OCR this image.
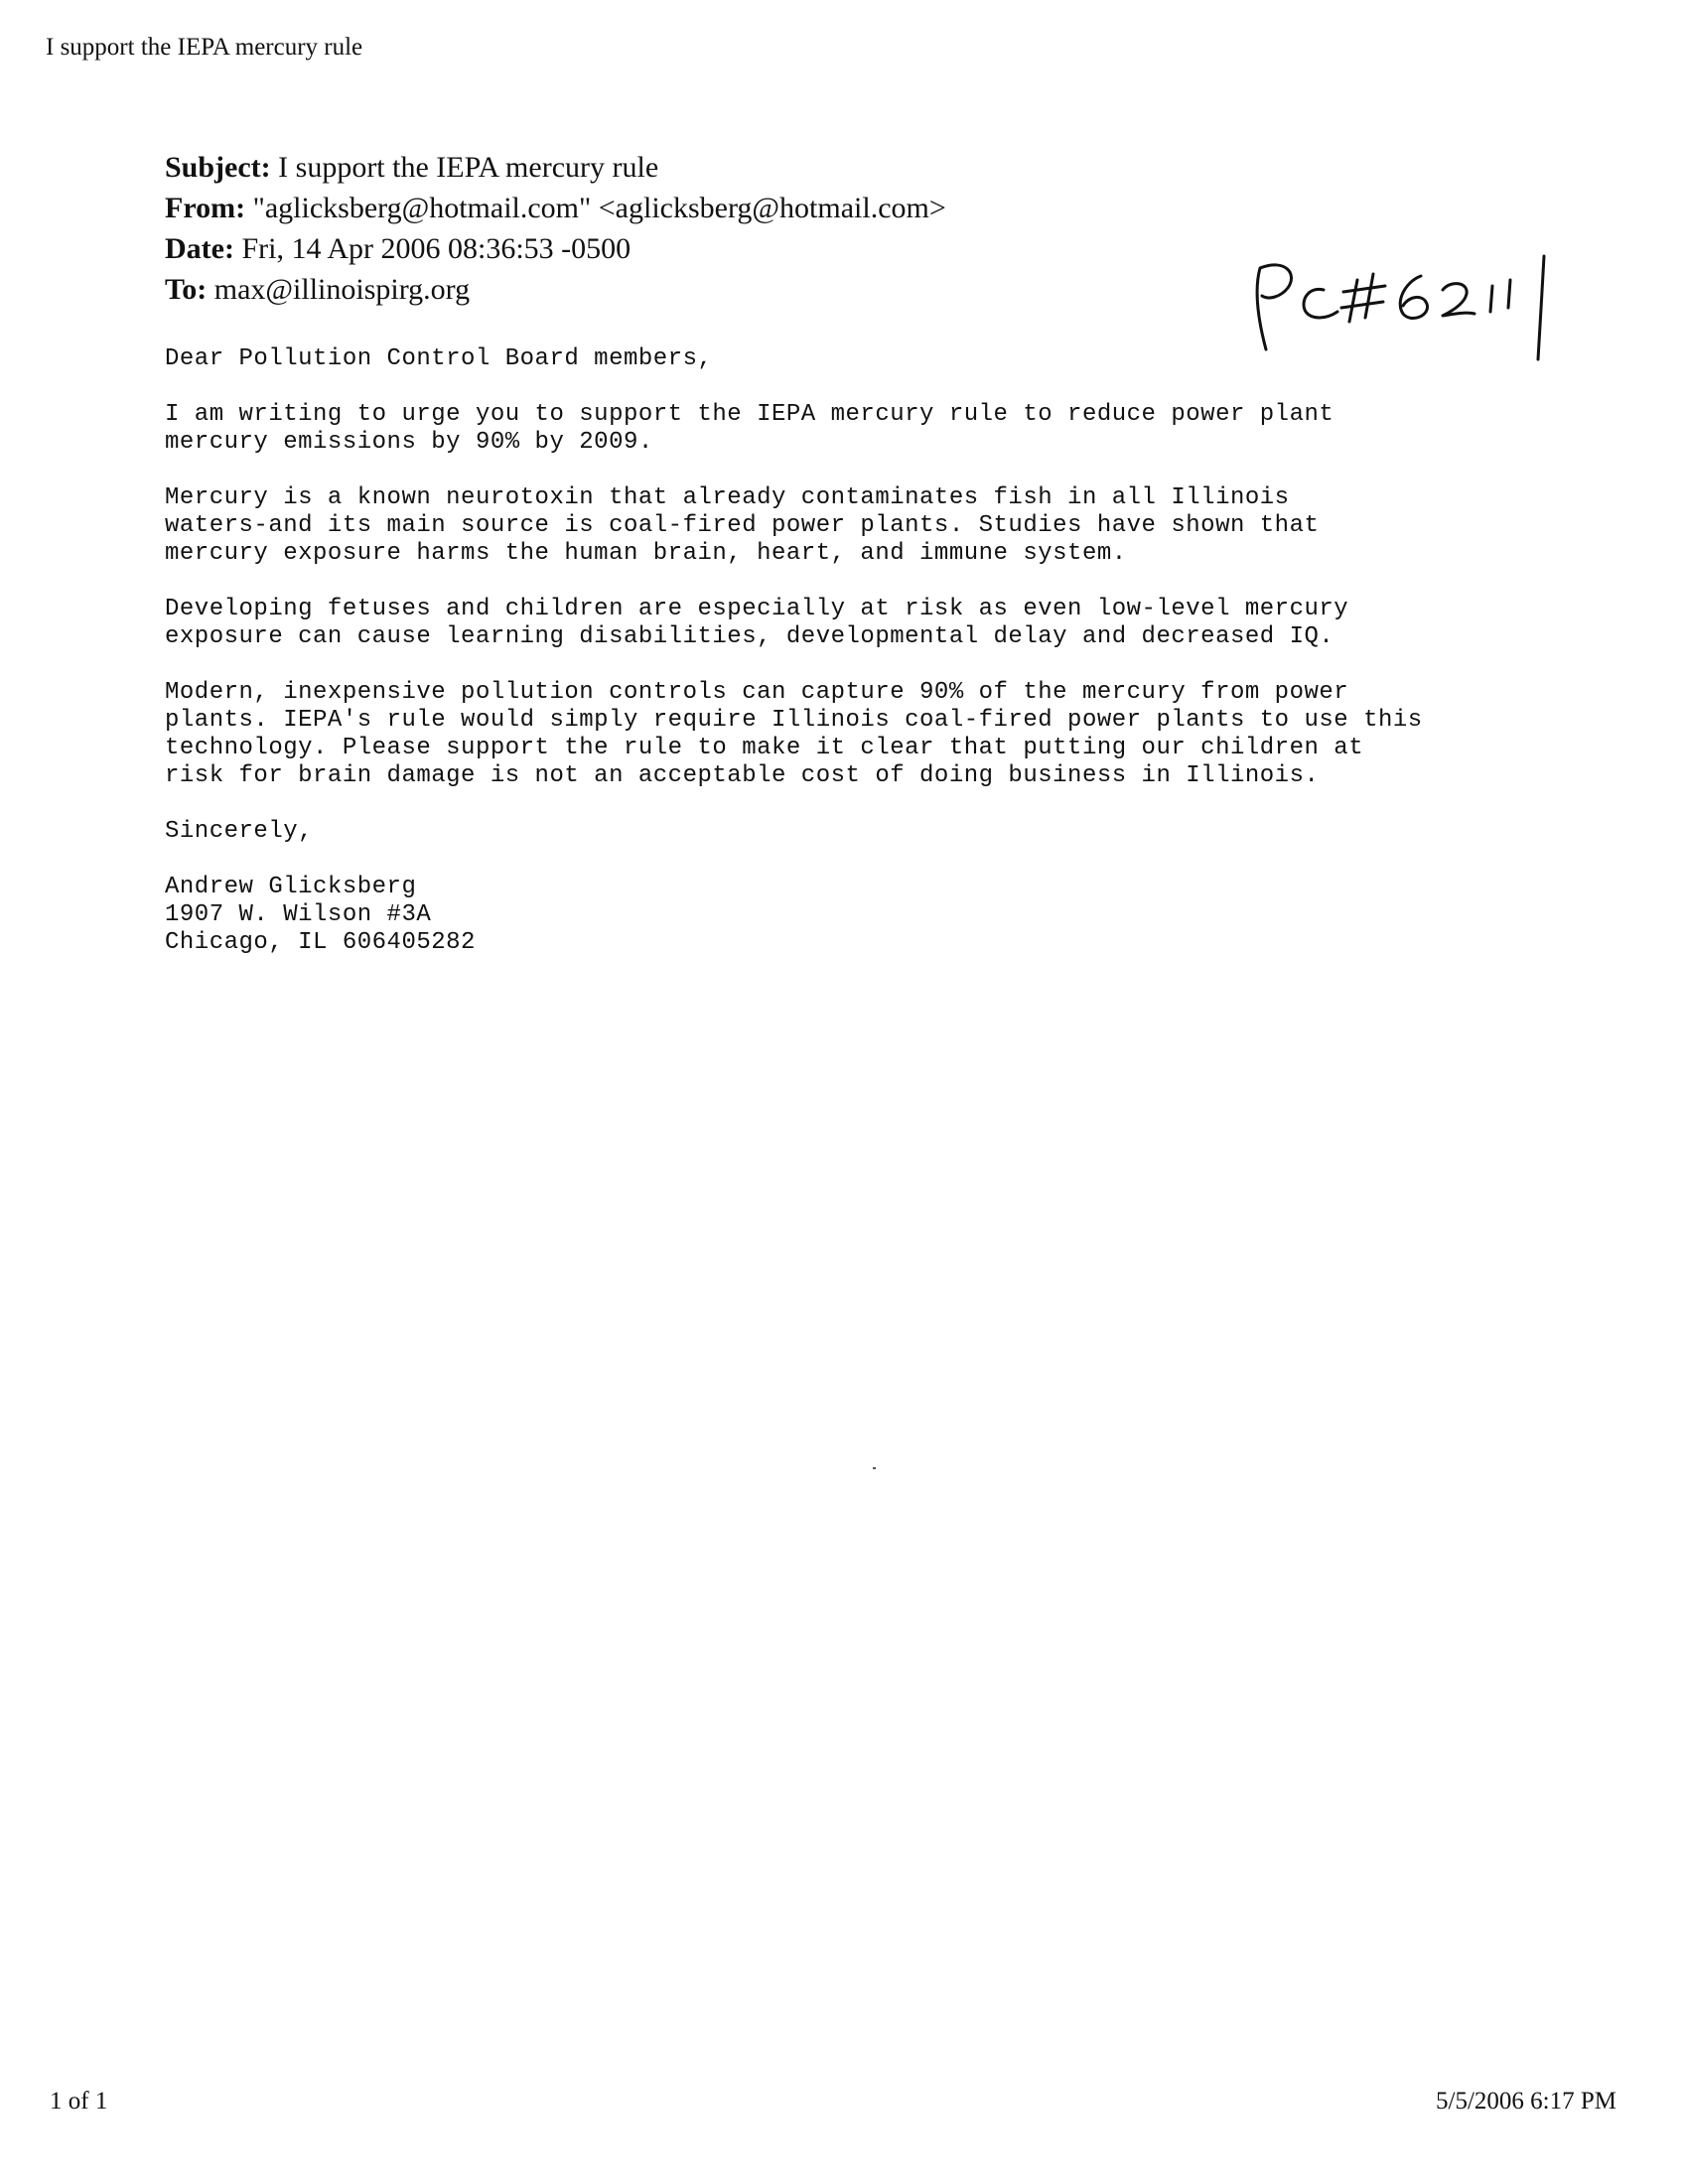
I support the IEPA mercury rule
Subject: I support the IEPA mercury rule
From: "aglicksberg@hotmail.com" <aglicksberg@hotmail.com>
Date: Fri, 14 Apr 2006 08:36:53 -0500
To: max@illinoispirg.org

Dear Pollution Control Board members,

I am writing to urge you to support the IEPA mercury rule to reduce power plant
mercury emissions by 90% by 2009.

Mercury is a known neurotoxin that already contaminates fish in all Illinois
waters-and its main source is coal-fired power plants. Studies have shown that
mercury exposure harms the human brain, heart, and immune system.

Developing fetuses and children are especially at risk as even low-level mercury
exposure can cause learning disabilities, developmental delay and decreased IQ.

Modern, inexpensive pollution controls can capture 90% of the mercury from power
plants. IEPA's rule would simply require Illinois coal-fired power plants to use this
technology. Please support the rule to make it clear that putting our children at
risk for brain damage is not an acceptable cost of doing business in Illinois.

Sincerely,

Andrew Glicksberg

1907 W. Wilson #3A

Chicago, IL 606405282

1 of 1	5/5/2006 6:17 PM
